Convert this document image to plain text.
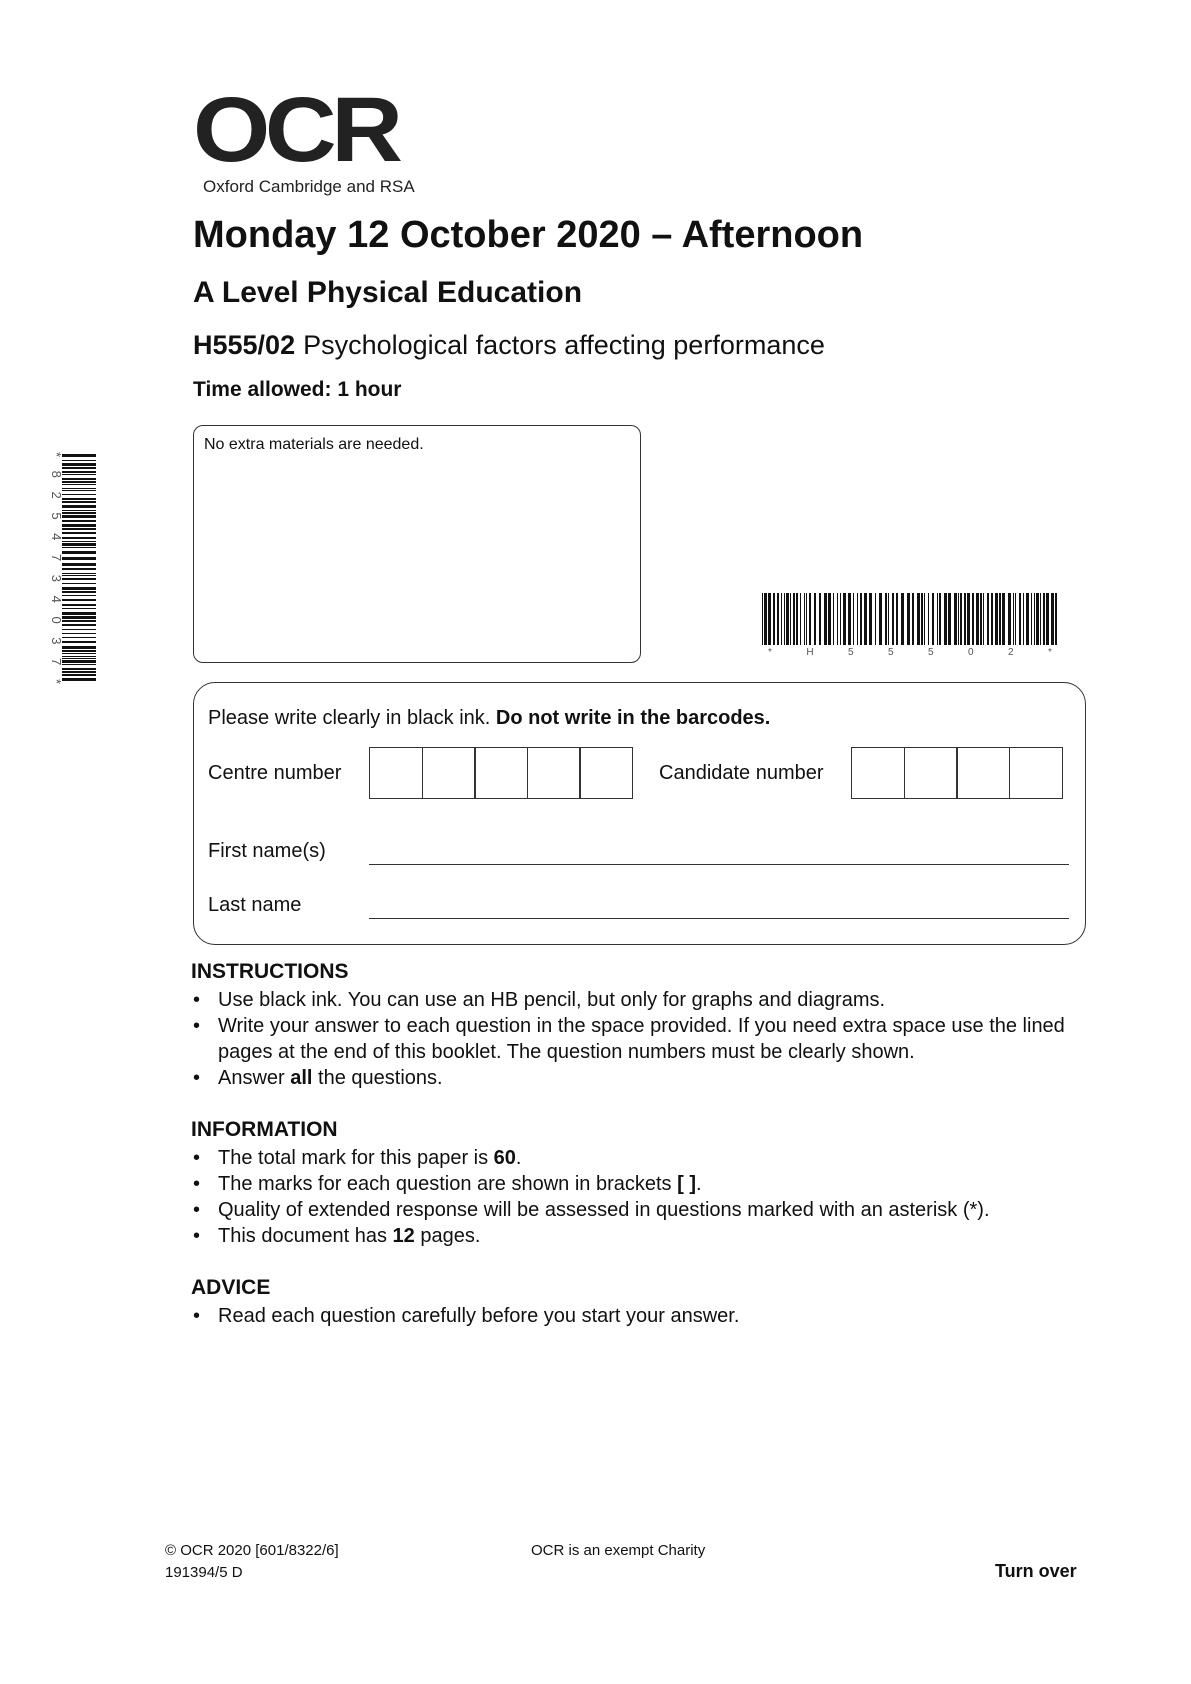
OCR
Oxford Cambridge and RSA
Monday 12 October 2020 – Afternoon
A Level Physical Education
H555/02 Psychological factors affecting performance
Time allowed: 1 hour
*8254734037*
No extra materials are needed.
*	H	5	5	5	0	2	*
Please write clearly in black ink. Do not write in the barcodes.
Centre number	Candidate number
First name(s)
Last name
INSTRUCTIONS
• Use black ink. You can use an HB pencil, but only for graphs and diagrams.
• Write your answer to each question in the space provided. If you need extra space use the lined pages at the end of this booklet. The question numbers must be clearly shown.
• Answer all the questions.
INFORMATION
• The total mark for this paper is 60.
• The marks for each question are shown in brackets [ ].
• Quality of extended response will be assessed in questions marked with an asterisk (*).
• This document has 12 pages.
ADVICE
• Read each question carefully before you start your answer.
© OCR 2020 [601/8322/6]
191394/5 D
OCR is an exempt Charity
Turn over
